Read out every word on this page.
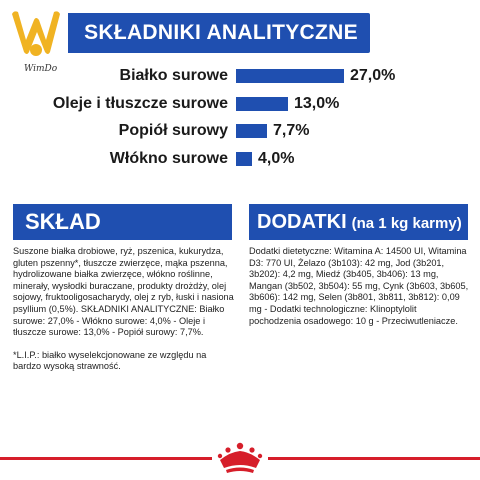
WimDo
SKŁADNIKI ANALITYCZNE
Białko surowe	27,0%
Oleje i tłuszcze surowe	13,0%
Popiół surowy	7,7%
Włókno surowe 4,0%
SKŁAD

Suszone białka drobiowe, ryż, pszenica, kukurydza, gluten pszenny*, tłuszcze zwierzęce, mąka pszenna, hydrolizowane białka zwierzęce, włókno roślinne, minerały, wysłodki buraczane, produkty drożdży, olej sojowy, fruktooligosacharydy, olej z ryb, łuski i nasiona psyllium (0,5%). SKŁADNIKI ANALITYCZNE: Białko surowe: 27,0% - Włókno surowe: 4,0% - Oleje i tłuszcze surowe: 13,0% - Popiół surowy: 7,7%.

*L.I.P.: białko wyselekcjonowane ze względu na bardzo wysoką strawność.

DODATKI (na 1 kg karmy)

Dodatki dietetyczne: Witamina A: 14500 UI, Witamina D3: 770 UI, Żelazo (3b103): 42 mg, Jod (3b201, 3b202): 4,2 mg, Miedź (3b405, 3b406): 13 mg, Mangan (3b502, 3b504): 55 mg, Cynk (3b603, 3b605, 3b606): 142 mg, Selen (3b801, 3b811, 3b812): 0,09 mg - Dodatki technologiczne: Klinoptylolit pochodzenia osadowego: 10 g - Przeciwutleniacze.
